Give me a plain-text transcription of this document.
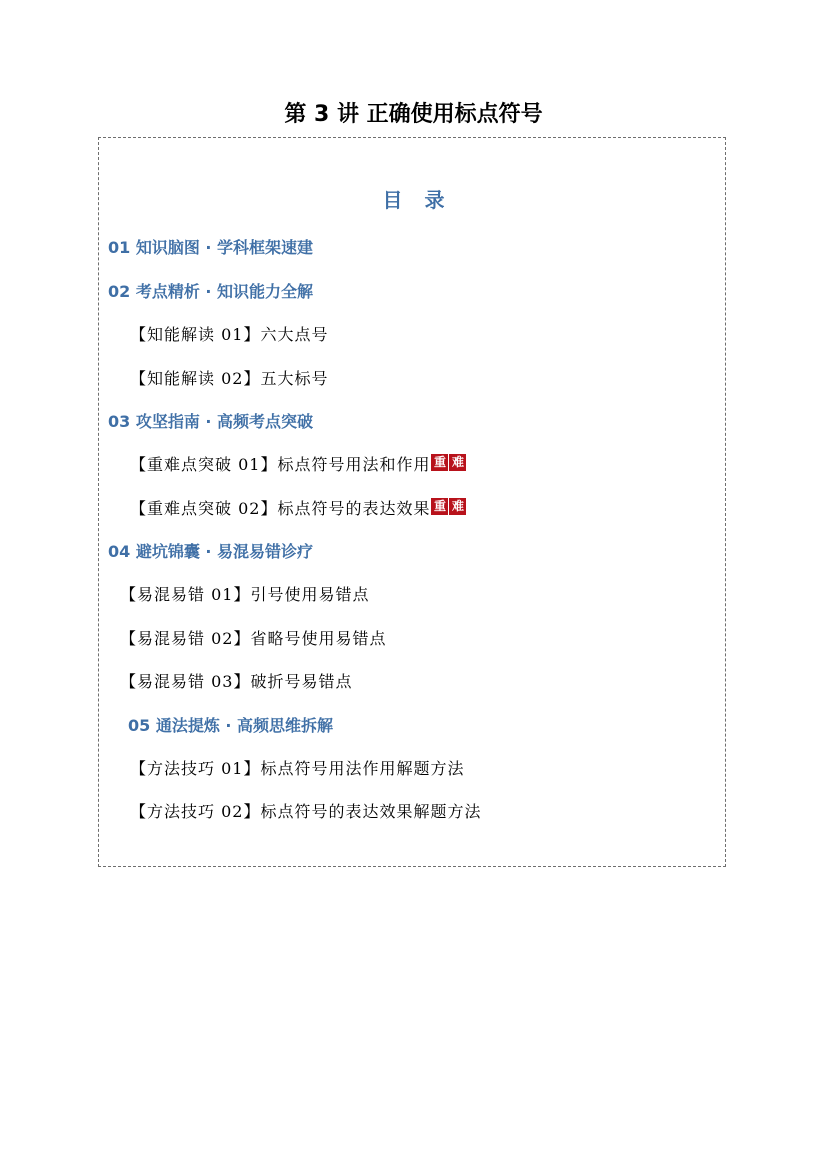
第 3 讲 正确使用标点符号
目录
01 知识脑图 · 学科框架速建
02 考点精析 · 知识能力全解
【知能解读 01】六大点号
【知能解读 02】五大标号
03 攻坚指南 · 高频考点突破
【重难点突破 01】标点符号用法和作用 重 难
【重难点突破 02】标点符号的表达效果 重 难
04 避坑锦囊 · 易混易错诊疗
【易混易错 01】引号使用易错点
【易混易错 02】省略号使用易错点
【易混易错 03】破折号易错点
05 通法提炼 · 高频思维拆解
【方法技巧 01】标点符号用法作用解题方法
【方法技巧 02】标点符号的表达效果解题方法
